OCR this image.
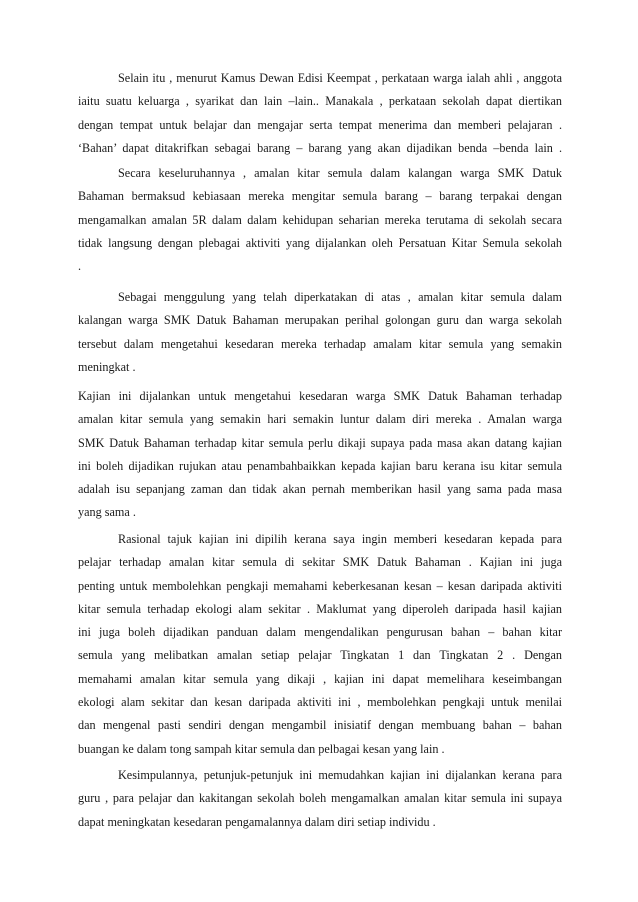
Selain itu , menurut Kamus Dewan Edisi Keempat , perkataan warga ialah ahli , anggota
iaitu suatu keluarga , syarikat dan lain –lain.. Manakala , perkataan sekolah dapat diertikan
dengan tempat untuk belajar dan mengajar serta tempat menerima dan memberi pelajaran .
‘Bahan’ dapat ditakrifkan sebagai barang – barang yang akan dijadikan benda –benda lain .
Secara keseluruhannya , amalan kitar semula dalam kalangan warga SMK Datuk
Bahaman bermaksud kebiasaan mereka mengitar semula barang – barang terpakai dengan
mengamalkan amalan 5R dalam dalam kehidupan seharian mereka terutama di sekolah secara
tidak langsung dengan plebagai aktiviti yang dijalankan oleh Persatuan Kitar Semula sekolah
.
Sebagai menggulung yang telah diperkatakan di atas , amalan kitar semula dalam
kalangan warga SMK Datuk Bahaman merupakan perihal golongan guru dan warga sekolah
tersebut dalam mengetahui kesedaran mereka terhadap amalam kitar semula yang semakin
meningkat .
Kajian ini dijalankan untuk mengetahui kesedaran warga SMK Datuk Bahaman terhadap
amalan kitar semula yang semakin hari semakin luntur dalam diri mereka . Amalan warga
SMK Datuk Bahaman terhadap kitar semula perlu dikaji supaya pada masa akan datang kajian
ini boleh dijadikan rujukan atau penambahbaikkan kepada kajian baru kerana isu kitar semula
adalah isu sepanjang zaman dan tidak akan pernah memberikan hasil yang sama pada masa
yang sama .
Rasional tajuk kajian ini dipilih kerana saya ingin memberi kesedaran kepada para
pelajar terhadap amalan kitar semula di sekitar SMK Datuk Bahaman . Kajian ini juga
penting untuk membolehkan pengkaji memahami keberkesanan kesan – kesan daripada aktiviti
kitar semula terhadap ekologi alam sekitar . Maklumat yang diperoleh daripada hasil kajian
ini juga boleh dijadikan panduan dalam mengendalikan pengurusan bahan – bahan kitar
semula yang melibatkan amalan setiap pelajar Tingkatan 1 dan Tingkatan 2 . Dengan
memahami amalan kitar semula yang dikaji , kajian ini dapat memelihara keseimbangan
ekologi alam sekitar dan kesan daripada aktiviti ini , membolehkan pengkaji untuk menilai
dan mengenal pasti sendiri dengan mengambil inisiatif dengan membuang bahan – bahan
buangan ke dalam tong sampah kitar semula dan pelbagai kesan yang lain .
Kesimpulannya, petunjuk-petunjuk ini memudahkan kajian ini dijalankan kerana para
guru , para pelajar dan kakitangan sekolah boleh mengamalkan amalan kitar semula ini supaya
dapat meningkatan kesedaran pengamalannya dalam diri setiap individu .
